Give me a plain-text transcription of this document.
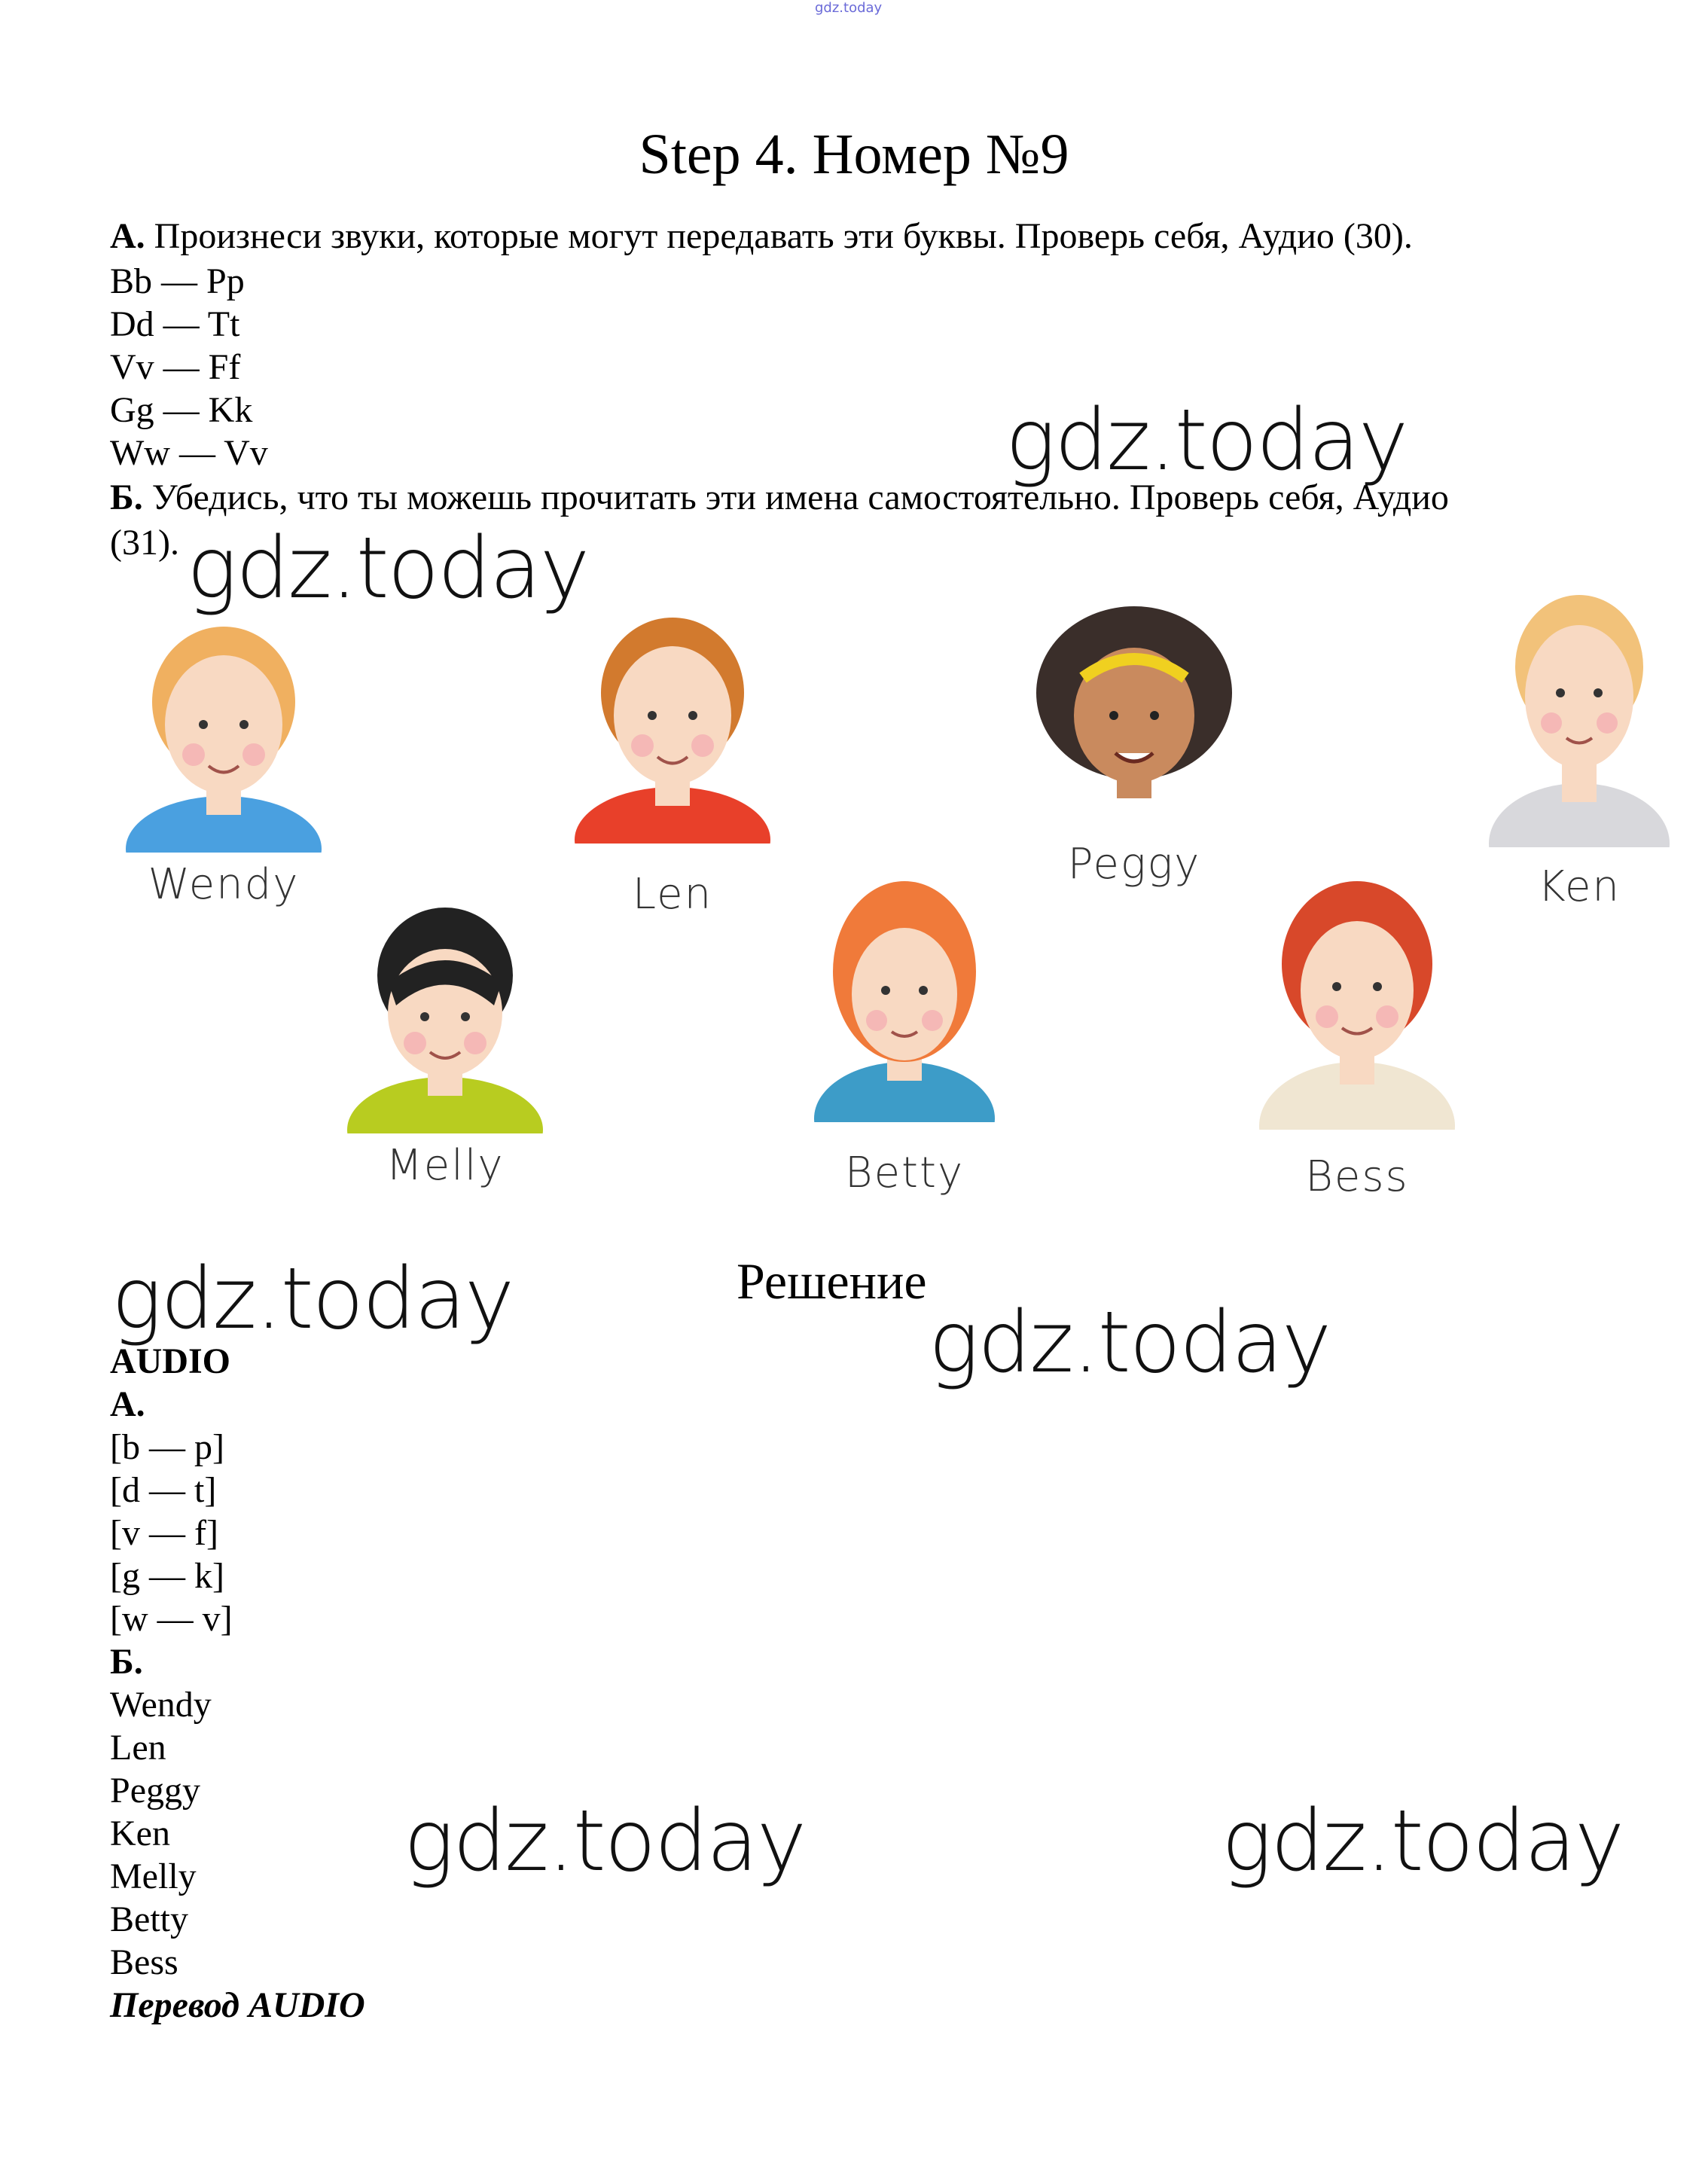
gdz.today
Step 4. Номер №9
А. Произнеси звуки, которые могут передавать эти буквы. Проверь себя, Аудио (30).
Bb — Pp
Dd — Tt
Vv — Ff
Gg — Kk
Ww — Vv
Б. Убедись, что ты можешь прочитать эти имена самостоятельно. Проверь себя, Аудио
(31).
gdz.today
gdz.today
gdz.today	gdz.today
gdz.today	gdz.today
Wendy	Len
Peggy	Ken
Melly	Betty	Bess
Решение
AUDIO
А.
[b — p]
[d — t]
[v — f]
[g — k]
[w — v]
Б.
Wendy
Len
Peggy
Ken
Melly
Betty
Bess
Перевод AUDIO
